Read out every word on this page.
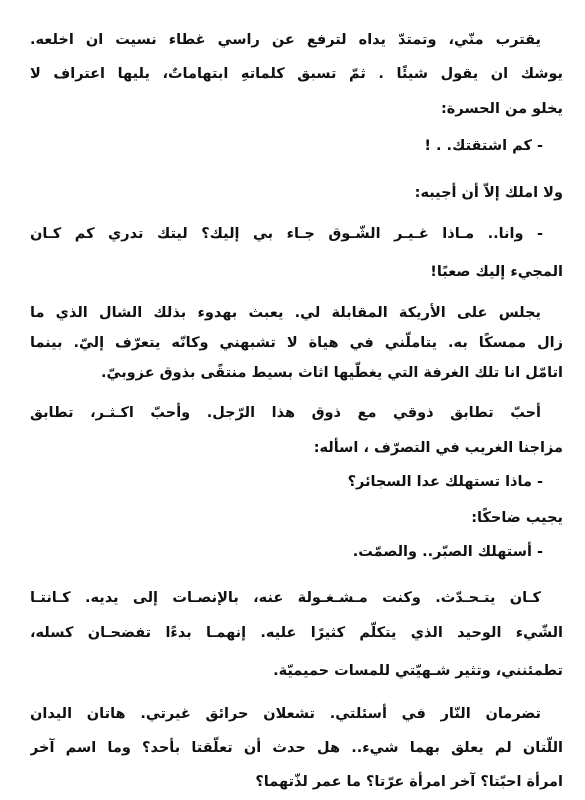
يقترب منّي، وتمتدّ يداه لترفع عن راسي غطاء نسيت ان اخلعه.

يوشك ان يقول شيئًا . ثمّ تسبق كلماتهِ ابتهاماتٌ، يليها اعتراف لا

يخلو من الحسرة:

- كم اشتقتك. . !

ولا املك إلاّ أن أجيبه:

- وانا.. مـاذا غـيـر الشّـوق جـاء بي إليك؟ ليتك تدري كم كـان

المجيء إليك صعبًا!

يجلس على الأريكة المقابلة لي. يعبث بهدوء بذلك الشال الذي ما

زال ممسكًا به. يتاملّني في هياة لا تشبهني وكانّه يتعرّف إليّ. بينما

اتامّل انا تلك الغرفة التي يغطّيها اثاث بسيط منتقًى بذوق عزوبيّ.

أحبّ تطابق ذوقي مع ذوق هذا الرّجل. وأحبّ اكـثـر، تطابق

مزاجنا الغريب في التصرّف ، اسأله:

- ماذا تستهلك عدا السجائر؟

يجيب ضاحكًا:

- أستهلك الصبّر.. والصمّت.

كـان يتـحـدّث. وكنت مـشـغـولة عنه، بالإنصـات إلى يديه. كـانتـا

الشّيء الوحيد الذي يتكلّم كثيرًا عليه. إنهمـا بدءًا تفضحـان كسله،

تطمئنني، وتثير شـهيّتي للمسات حميميّة.

تضرمان النّار في أسئلتي. تشعلان حرائق غيرتي. هاتان اليدان

اللّتان لم يعلق بهما شيء.. هل حدث أن تعلّقتا بأحد؟ وما اسم آخر

امرأة احبّتا؟ آخر امرأة عرّتا؟ ما عمر لذّتهما؟
